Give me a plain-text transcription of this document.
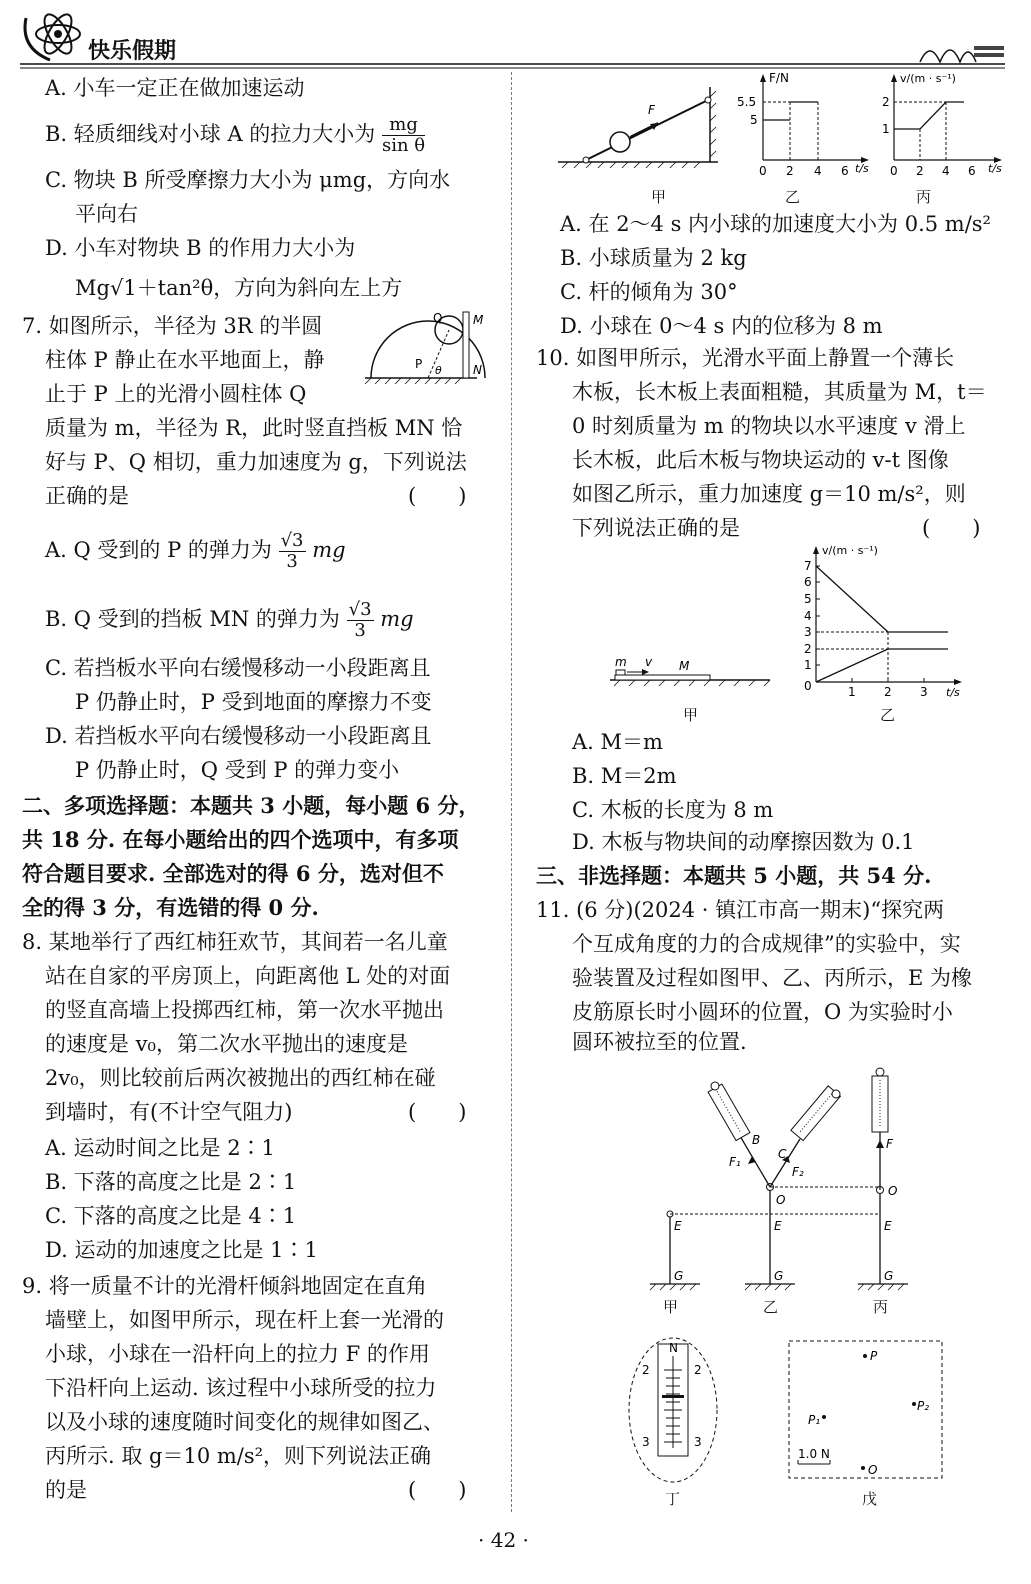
快乐假期
A. 小车一定正在做加速运动
B. 轻质细线对小球 A 的拉力大小为 $\frac{mg}{\text{sin θ}}$
C. 物块 B 所受摩擦力大小为 μmg，方向水
平向右
D. 小车对物块 B 的作用力大小为
Mg√1＋tan²θ，方向为斜向左上方
7. 如图所示，半径为 3R 的半圆
柱体 P 静止在水平地面上，静
止于 P 上的光滑小圆柱体 Q
质量为 m，半径为 R，此时竖直挡板 MN 恰
好与 P、Q 相切，重力加速度为 g，下列说法
正确的是	(　　)
Q
P
M
N
θ
A. Q 受到的 P 的弹力为 $\frac{√3}{3}$ mg
B. Q 受到的挡板 MN 的弹力为 $\frac{√3}{3}$ mg
C. 若挡板水平向右缓慢移动一小段距离且
P 仍静止时，P 受到地面的摩擦力不变
D. 若挡板水平向右缓慢移动一小段距离且
P 仍静止时，Q 受到 P 的弹力变小
二、多项选择题：本题共 3 小题，每小题 6 分，
共 18 分. 在每小题给出的四个选项中，有多项
符合题目要求. 全部选对的得 6 分，选对但不
全的得 3 分，有选错的得 0 分.
8. 某地举行了西红柿狂欢节，其间若一名儿童
站在自家的平房顶上，向距离他 L 处的对面
的竖直高墙上投掷西红柿，第一次水平抛出
的速度是 v₀，第二次水平抛出的速度是
2v₀，则比较前后两次被抛出的西红柿在碰
到墙时，有(不计空气阻力)	(　　)
A. 运动时间之比是 2∶1
B. 下落的高度之比是 2∶1
C. 下落的高度之比是 4∶1
D. 运动的加速度之比是 1∶1
9. 将一质量不计的光滑杆倾斜地固定在直角
墙壁上，如图甲所示，现在杆上套一光滑的
小球，小球在一沿杆向上的拉力 F 的作用
下沿杆向上运动. 该过程中小球所受的拉力
以及小球的速度随时间变化的规律如图乙、
丙所示. 取 g＝10 m/s²，则下列说法正确
的是	(　　)
F
甲
F/N
t/s
5.5
5
0 2 4 6
乙
v/(m · s⁻¹)
t/s
2
1
0 2 4 6
丙
A. 在 2～4 s 内小球的加速度大小为 0.5 m/s²
B. 小球质量为 2 kg
C. 杆的倾角为 30°
D. 小球在 0～4 s 内的位移为 8 m
10. 如图甲所示，光滑水平面上静置一个薄长
木板，长木板上表面粗糙，其质量为 M，t＝
0 时刻质量为 m 的物块以水平速度 v 滑上
长木板，此后木板与物块运动的 v-t 图像
如图乙所示，重力加速度 g＝10 m/s²，则
下列说法正确的是	(　　)
m v M
甲
v/(m · s⁻¹)
t/s
7
6
5
4
3
2
1
0	1 2 3
乙
A. M＝m
B. M＝2m
C. 木板的长度为 8 m
D. 木板与物块间的动摩擦因数为 0.1
三、非选择题：本题共 5 小题，共 54 分.
11. (6 分)(2024 · 镇江市高一期末)“探究两
个互成角度的力的合成规律”的实验中，实
验装置及过程如图甲、乙、丙所示，E 为橡
皮筋原长时小圆环的位置，O 为实验时小
圆环被拉至的位置.
B
C
F₁
F₂
O
E	E	E
O
F
G	G	G
甲	乙	丙
N
2	2
3	3
丁
P
P₂
P₁
O
1.0 N
戊
· 42 ·
